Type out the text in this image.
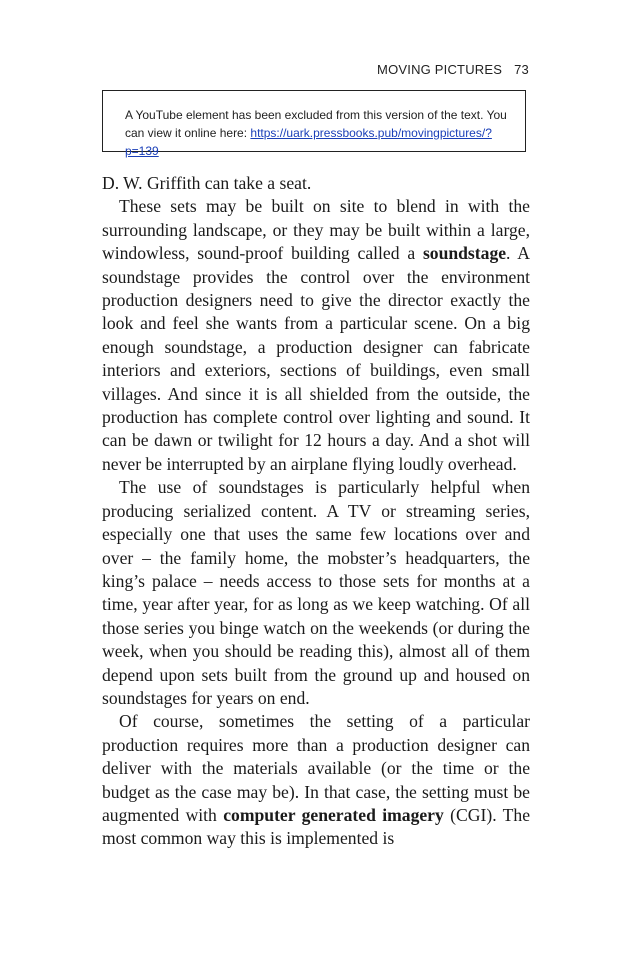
MOVING PICTURES 73
A YouTube element has been excluded from this version of the text. You can view it online here: https://uark.pressbooks.pub/movingpictures/?p=139

D. W. Griffith can take a seat.

These sets may be built on site to blend in with the surrounding landscape, or they may be built within a large, windowless, sound-proof building called a soundstage. A soundstage provides the control over the environment production designers need to give the director exactly the look and feel she wants from a particular scene. On a big enough soundstage, a production designer can fabricate interiors and exteriors, sections of buildings, even small villages. And since it is all shielded from the outside, the production has complete control over lighting and sound. It can be dawn or twilight for 12 hours a day. And a shot will never be interrupted by an airplane flying loudly overhead.

The use of soundstages is particularly helpful when producing serialized content. A TV or streaming series, especially one that uses the same few locations over and over – the family home, the mobster’s headquarters, the king’s palace – needs access to those sets for months at a time, year after year, for as long as we keep watching. Of all those series you binge watch on the weekends (or during the week, when you should be reading this), almost all of them depend upon sets built from the ground up and housed on soundstages for years on end.

Of course, sometimes the setting of a particular production requires more than a production designer can deliver with the materials available (or the time or the budget as the case may be). In that case, the setting must be augmented with computer generated imagery (CGI). The most common way this is implemented is
